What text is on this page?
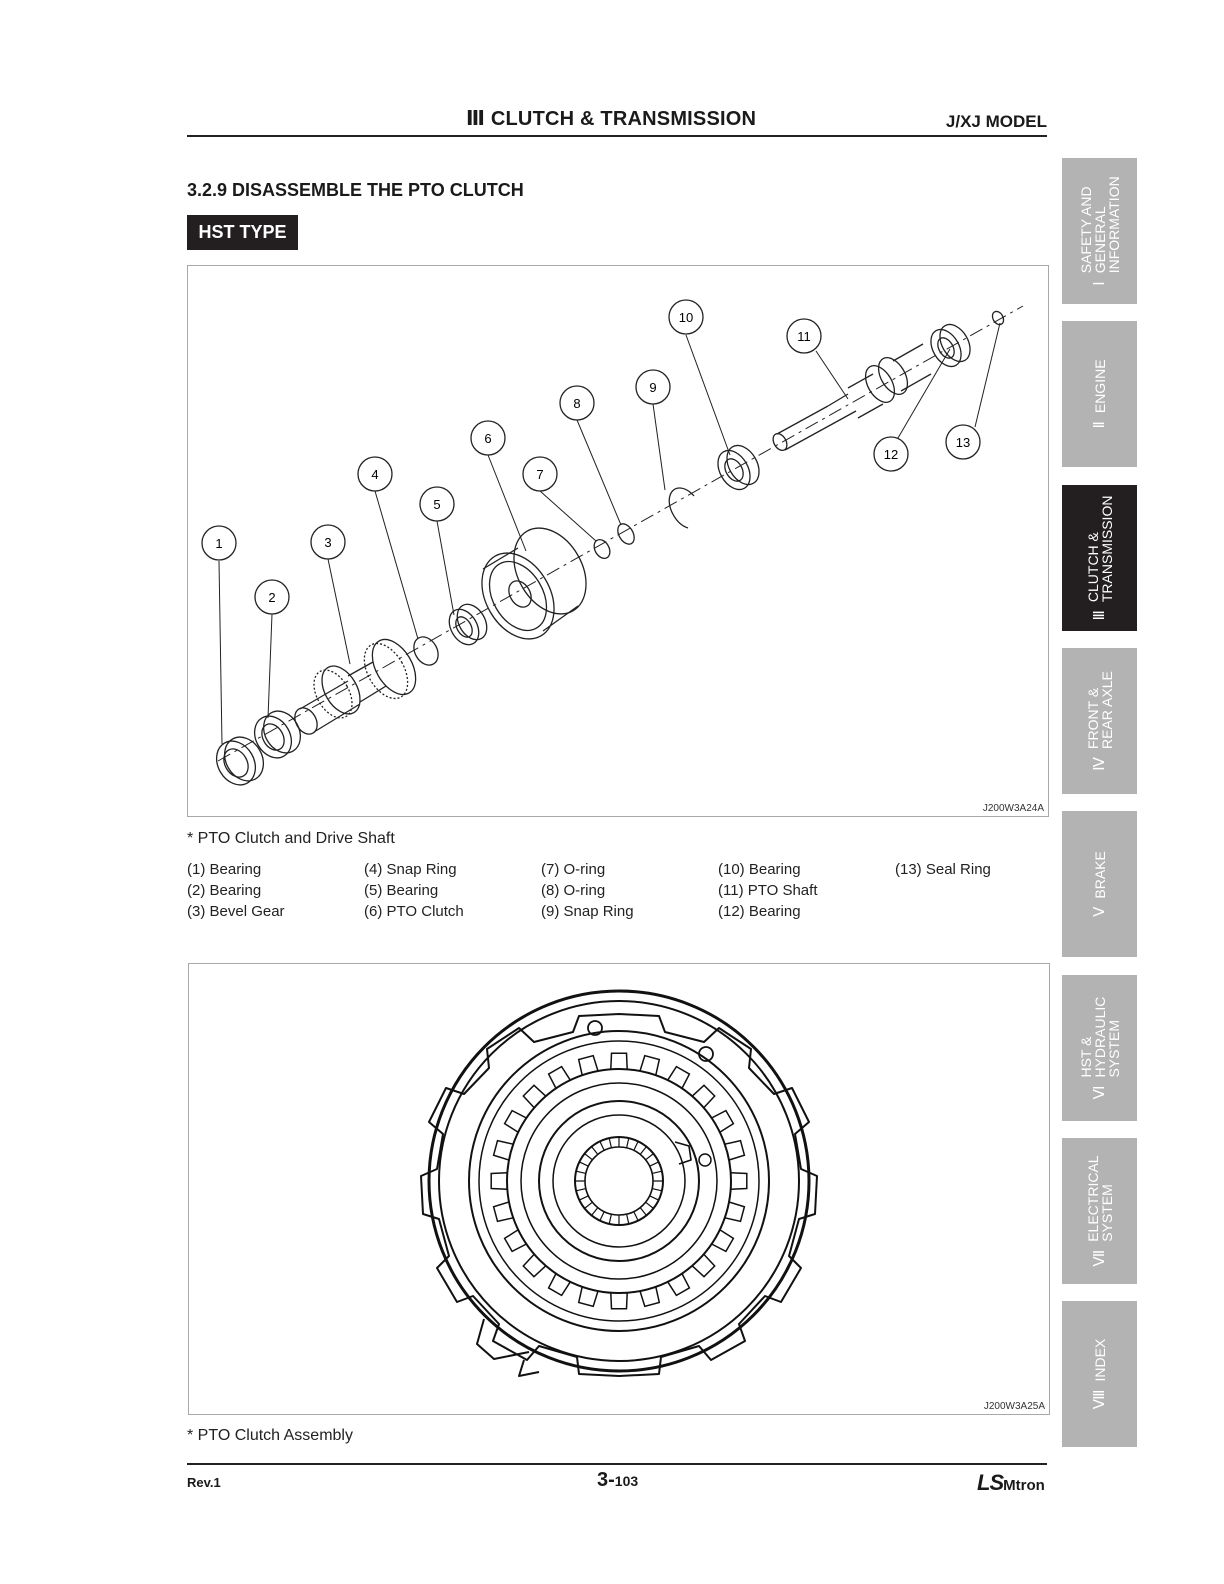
Ⅲ CLUTCH & TRANSMISSION	J/XJ MODEL
3.2.9 DISASSEMBLE THE PTO CLUTCH
HST TYPE
1
2
3
4
5
6
7
8
9
10
11
12
13
J200W3A24A
* PTO Clutch and Drive Shaft
(1) Bearing
(2) Bearing
(3) Bevel Gear
(4) Snap Ring
(5) Bearing
(6) PTO Clutch
(7) O-ring
(8) O-ring
(9) Snap Ring
(10) Bearing
(11) PTO Shaft
(12) Bearing
(13) Seal Ring
J200W3A25A
* PTO Clutch Assembly
Rev.1	3-103	LSMtron
Ⅰ
SAFETY AND
GENERAL
INFORMATION
Ⅱ
ENGINE
Ⅲ
CLUTCH &
TRANSMISSION
Ⅳ
FRONT &
REAR AXLE
Ⅴ
BRAKE
Ⅵ
HST &
HYDRAULIC
SYSTEM
Ⅶ
ELECTRICAL
SYSTEM
Ⅷ
INDEX
